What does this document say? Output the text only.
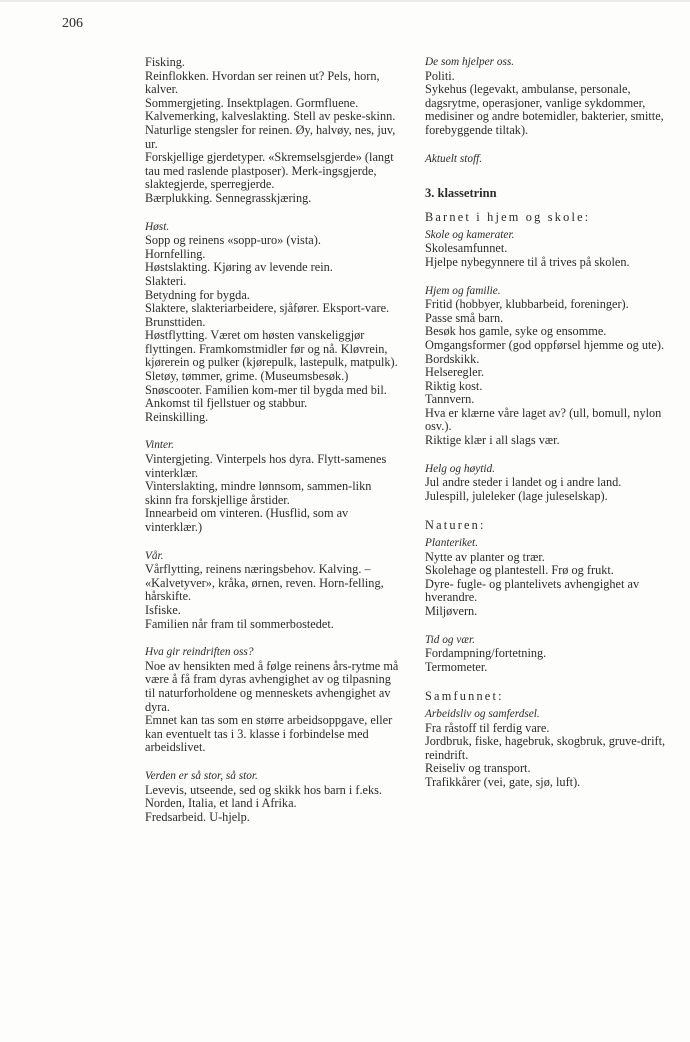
206

Fisking.

Reinflokken. Hvordan ser reinen ut? Pels, horn, kalver.

Sommergjeting. Insektplagen. Gormfluene.

Kalvemerking, kalveslakting. Stell av peske-skinn.

Naturlige stengsler for reinen. Øy, halvøy, nes, juv, ur.

Forskjellige gjerdetyper. «Skremselsgjerde» (langt tau med raslende plastposer). Merk-ingsgjerde, slaktegjerde, sperregjerde.

Bærplukking. Sennegrasskjæring.

Høst.

Sopp og reinens «sopp-uro» (vista).

Hornfelling.

Høstslakting. Kjøring av levende rein.

Slakteri.

Betydning for bygda.

Slaktere, slakteriarbeidere, sjåfører. Eksport-vare.

Brunsttiden.

Høstflytting. Været om høsten vanskeliggjør flyttingen. Framkomstmidler før og nå. Kløvrein, kjørerein og pulker (kjørepulk, lastepulk, matpulk). Sletøy, tømmer, grime. (Museumsbesøk.) Snøscooter. Familien kom-mer til bygda med bil. Ankomst til fjellstuer og stabbur.

Reinskilling.

Vinter.

Vintergjeting. Vinterpels hos dyra. Flytt-samenes vinterklær.

Vinterslakting, mindre lønnsom, sammen-likn skinn fra forskjellige årstider.

Innearbeid om vinteren. (Husflid, som av vinterklær.)

Vår.

Vårflytting, reinens næringsbehov. Kalving. – «Kalvetyver», kråka, ørnen, reven. Horn-felling, hårskifte.

Isfiske.

Familien når fram til sommerbostedet.

Hva gir reindriften oss?

Noe av hensikten med å følge reinens års-rytme må være å få fram dyras avhengighet av og tilpasning til naturforholdene og menneskets avhengighet av dyra.

Emnet kan tas som en større arbeidsoppgave, eller kan eventuelt tas i 3. klasse i forbindelse med arbeidslivet.

Verden er så stor, så stor.

Levevis, utseende, sed og skikk hos barn i f.eks. Norden, Italia, et land i Afrika.

Fredsarbeid. U-hjelp.

De som hjelper oss.

Politi.

Sykehus (legevakt, ambulanse, personale, dagsrytme, operasjoner, vanlige sykdommer, medisiner og andre botemidler, bakterier, smitte, forebyggende tiltak).

Aktuelt stoff.

3. klassetrinn

Barnet i hjem og skole:

Skole og kamerater.

Skolesamfunnet.

Hjelpe nybegynnere til å trives på skolen.

Hjem og familie.

Fritid (hobbyer, klubbarbeid, foreninger).

Passe små barn.

Besøk hos gamle, syke og ensomme.

Omgangsformer (god oppførsel hjemme og ute).

Bordskikk.

Helseregler.

Riktig kost.

Tannvern.

Hva er klærne våre laget av? (ull, bomull, nylon osv.).

Riktige klær i all slags vær.

Helg og høytid.

Jul andre steder i landet og i andre land.

Julespill, juleleker (lage juleselskap).

Naturen:

Planteriket.

Nytte av planter og trær.

Skolehage og plantestell. Frø og frukt.

Dyre- fugle- og plantelivets avhengighet av hverandre.

Miljøvern.

Tid og vær.

Fordampning/fortetning.

Termometer.

Samfunnet:

Arbeidsliv og samferdsel.

Fra råstoff til ferdig vare.

Jordbruk, fiske, hagebruk, skogbruk, gruve-drift, reindrift.

Reiseliv og transport.

Trafikkårer (vei, gate, sjø, luft).
